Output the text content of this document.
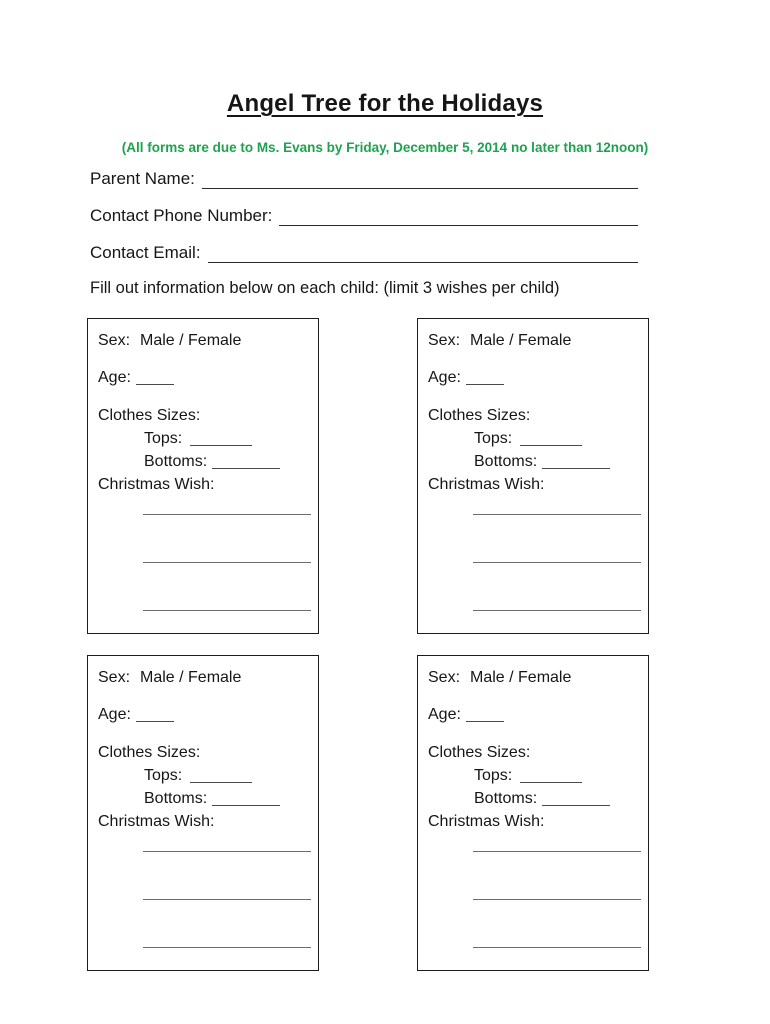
Angel Tree for the Holidays
(All forms are due to Ms. Evans by Friday, December 5, 2014 no later than 12noon)
Parent Name:
Contact Phone Number:
Contact Email:
Fill out information below on each child: (limit 3 wishes per child)
Sex: Male / Female
Age:
Clothes Sizes:
Tops:
Bottoms:
Christmas Wish:
Sex: Male / Female
Age:
Clothes Sizes:
Tops:
Bottoms:
Christmas Wish:
Sex: Male / Female
Age:
Clothes Sizes:
Tops:
Bottoms:
Christmas Wish:
Sex: Male / Female
Age:
Clothes Sizes:
Tops:
Bottoms:
Christmas Wish:
